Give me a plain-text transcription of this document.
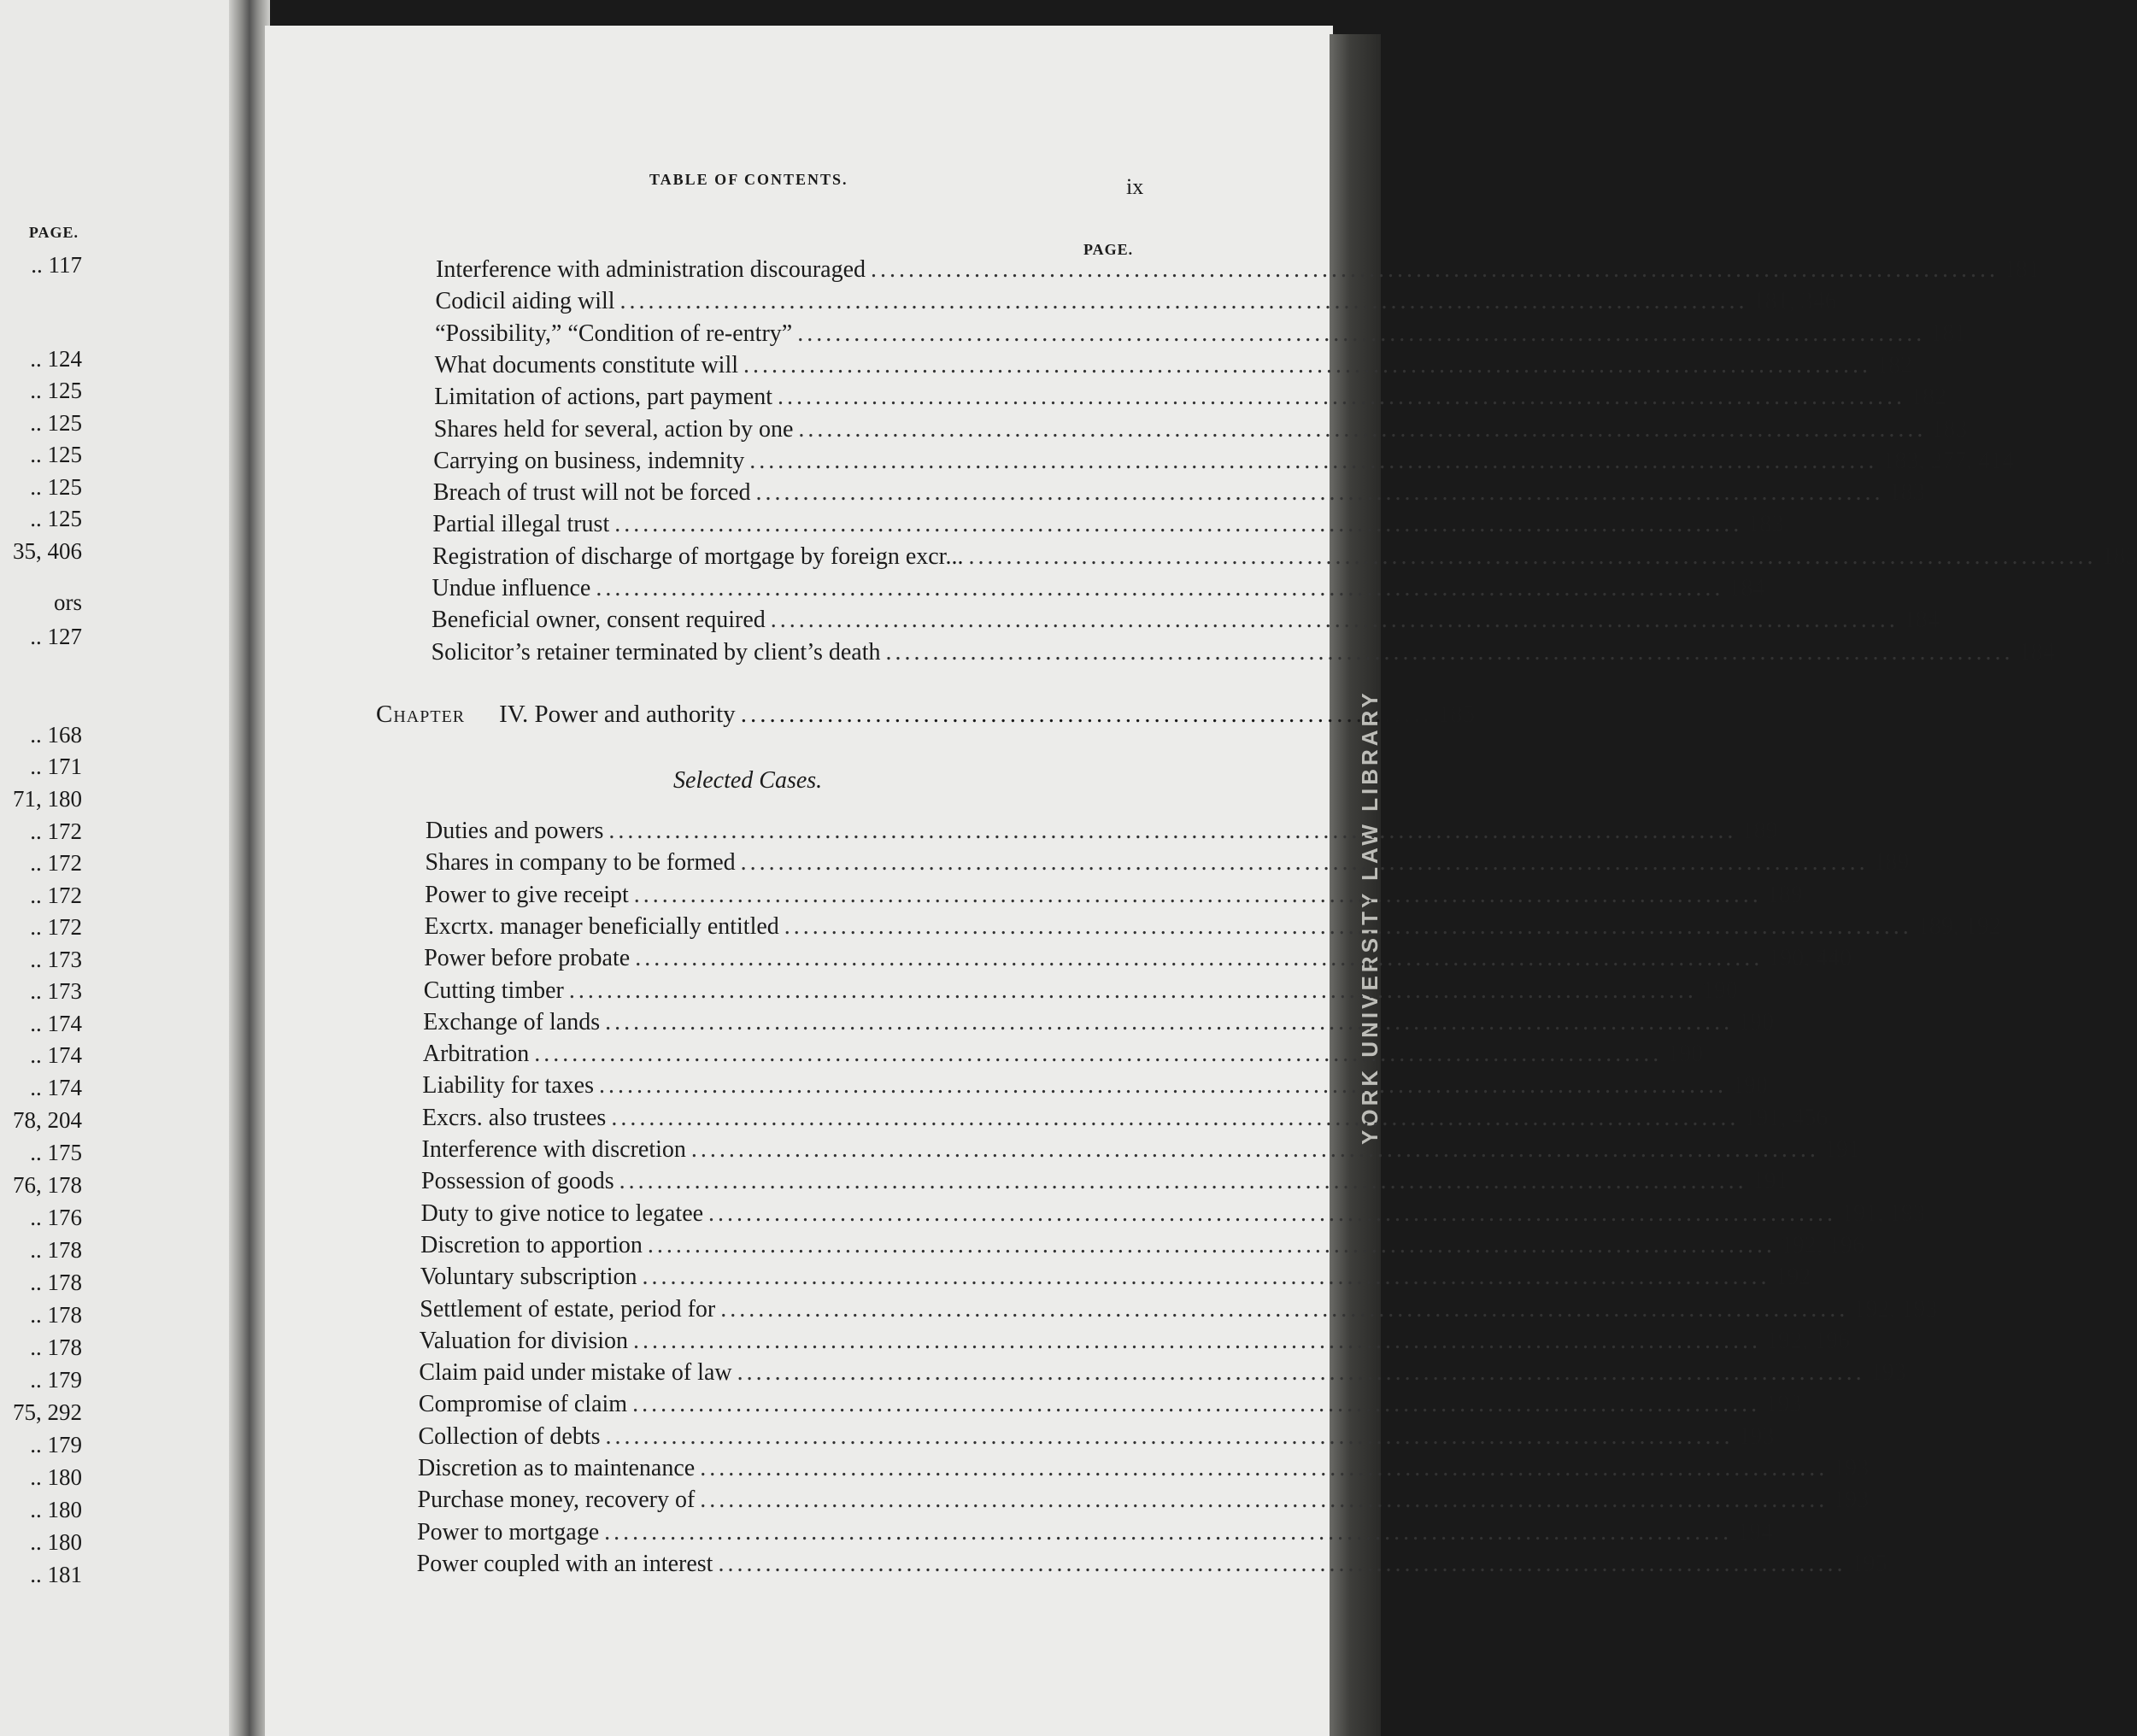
PAGE.
.. 117
.. 124
.. 125
.. 125
.. 125
.. 125
.. 125
35, 406
ors
.. 127
.. 168
.. 171
71, 180
.. 172
.. 172
.. 172
.. 172
.. 173
.. 173
.. 174
.. 174
.. 174
78, 204
.. 175
76, 178
.. 176
.. 178
.. 178
.. 178
.. 178
.. 179
75, 292
.. 179
.. 180
.. 180
.. 180
.. 181
YORK UNIVERSITY LAW LIBRARY
TABLE OF CONTENTS.	ix
PAGE.
Interference with administration discouraged ........................................................................................................................ 181
Codicil aiding will ........................................................................................................................ 181, 346
“Possibility,” “Condition of re-entry” ........................................................................................................................ 181
What documents constitute will ........................................................................................................................ 182
Limitation of actions, part payment ........................................................................................................................ 182
Shares held for several, action by one ........................................................................................................................ 183
Carrying on business, indemnity ........................................................................................................................ 183, 277, 414
Breach of trust will not be forced ........................................................................................................................ 183
Partial illegal trust ........................................................................................................................ 183
Registration of discharge of mortgage by foreign excr... ........................................................................................................................ 183
Undue influence ........................................................................................................................ 184
Beneficial owner, consent required ........................................................................................................................ 184
Solicitor’s retainer terminated by client’s death ........................................................................................................................ 184
Chapter IV. Power and authority ........................................................................ 185
Selected Cases.
Duties and powers ........................................................................................................................ 189
Shares in company to be formed ........................................................................................................................ 189
Power to give receipt ........................................................................................................................ 189
Excrtx. manager beneficially entitled ........................................................................................................................ 189, 192
Power before probate ........................................................................................................................ 190, 440
Cutting timber ........................................................................................................................ 190
Exchange of lands ........................................................................................................................ 190
Arbitration ........................................................................................................................ 190
Liability for taxes ........................................................................................................................ 190
Excrs. also trustees ........................................................................................................................ 191, 456
Interference with discretion ........................................................................................................................ 191
Possession of goods ........................................................................................................................ 191
Duty to give notice to legatee ........................................................................................................................ 191, 193
Discretion to apportion ........................................................................................................................ 192, 196
Voluntary subscription ........................................................................................................................ 192
Settlement of estate, period for ........................................................................................................................ 192, 193
Valuation for division ........................................................................................................................ 192, 196
Claim paid under mistake of law ........................................................................................................................ 193
Compromise of claim ........................................................................................................................ 193
Collection of debts ........................................................................................................................ 193
Discretion as to maintenance ........................................................................................................................ 193
Purchase money, recovery of ........................................................................................................................ 193
Power to mortgage ........................................................................................................................ 194
Power coupled with an interest ........................................................................................................................ 195
